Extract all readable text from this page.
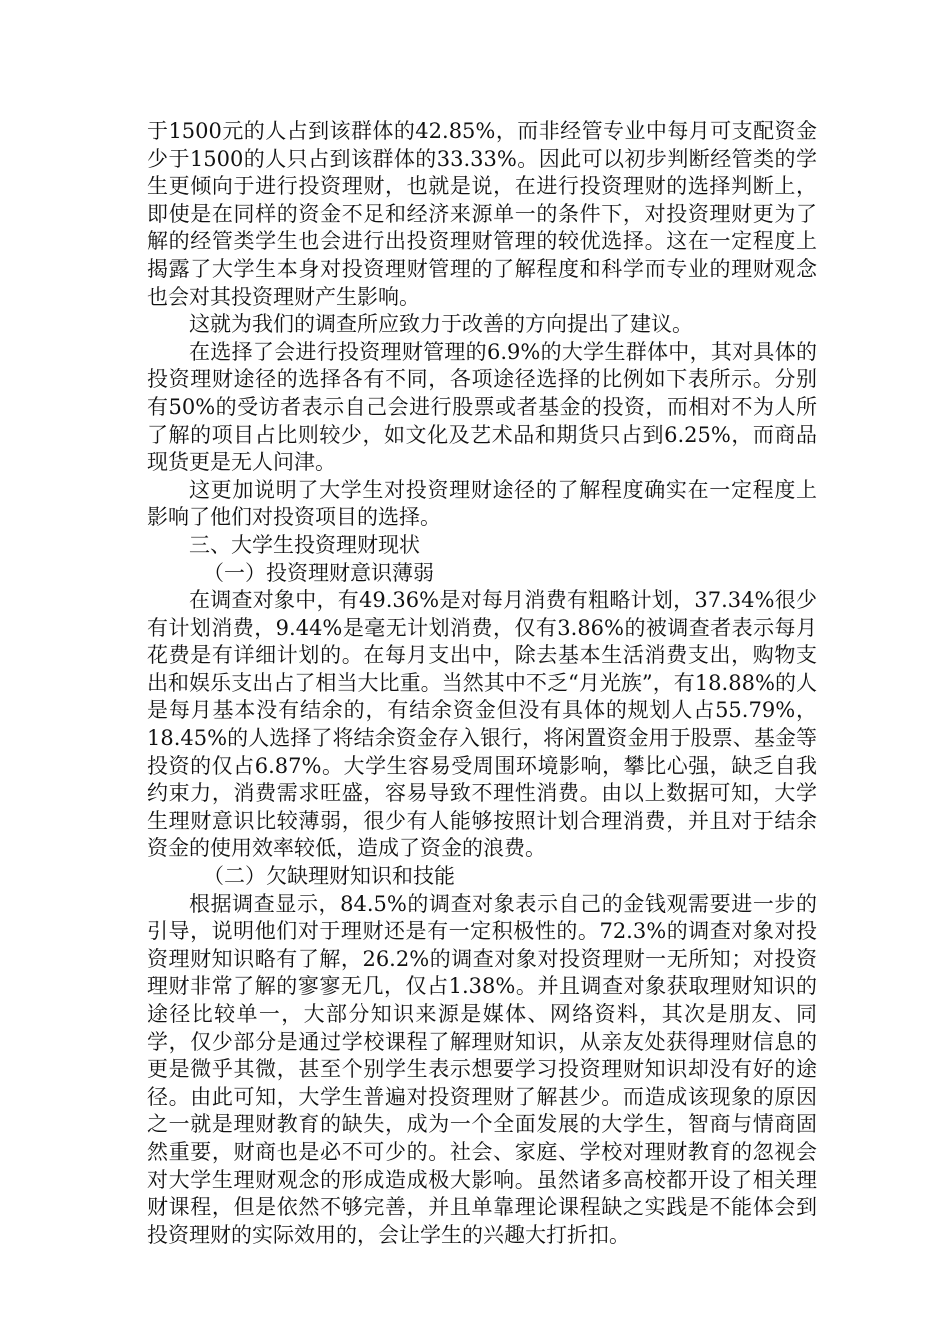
于1500元的人占到该群体的42.85%，而非经管专业中每月可支配资金少于1500的人只占到该群体的33.33%。因此可以初步判断经管类的学生更倾向于进行投资理财，也就是说，在进行投资理财的选择判断上，即使是在同样的资金不足和经济来源单一的条件下，对投资理财更为了解的经管类学生也会进行出投资理财管理的较优选择。这在一定程度上揭露了大学生本身对投资理财管理的了解程度和科学而专业的理财观念也会对其投资理财产生影响。

这就为我们的调查所应致力于改善的方向提出了建议。

在选择了会进行投资理财管理的6.9%的大学生群体中，其对具体的投资理财途径的选择各有不同，各项途径选择的比例如下表所示。分别有50%的受访者表示自己会进行股票或者基金的投资，而相对不为人所了解的项目占比则较少，如文化及艺术品和期货只占到6.25%，而商品现货更是无人问津。

这更加说明了大学生对投资理财途径的了解程度确实在一定程度上影响了他们对投资项目的选择。

三、大学生投资理财现状

（一）投资理财意识薄弱

在调查对象中，有49.36%是对每月消费有粗略计划，37.34%很少有计划消费，9.44%是毫无计划消费，仅有3.86%的被调查者表示每月花费是有详细计划的。在每月支出中，除去基本生活消费支出，购物支出和娱乐支出占了相当大比重。当然其中不乏“月光族”，有18.88%的人是每月基本没有结余的，有结余资金但没有具体的规划人占55.79%，18.45%的人选择了将结余资金存入银行，将闲置资金用于股票、基金等投资的仅占6.87%。大学生容易受周围环境影响，攀比心强，缺乏自我约束力，消费需求旺盛，容易导致不理性消费。由以上数据可知，大学生理财意识比较薄弱，很少有人能够按照计划合理消费，并且对于结余资金的使用效率较低，造成了资金的浪费。

（二）欠缺理财知识和技能

根据调查显示，84.5%的调查对象表示自己的金钱观需要进一步的引导，说明他们对于理财还是有一定积极性的。72.3%的调查对象对投资理财知识略有了解，26.2%的调查对象对投资理财一无所知；对投资理财非常了解的寥寥无几，仅占1.38%。并且调查对象获取理财知识的途径比较单一，大部分知识来源是媒体、网络资料，其次是朋友、同学，仅少部分是通过学校课程了解理财知识，从亲友处获得理财信息的更是微乎其微，甚至个别学生表示想要学习投资理财知识却没有好的途径。由此可知，大学生普遍对投资理财了解甚少。而造成该现象的原因之一就是理财教育的缺失，成为一个全面发展的大学生，智商与情商固然重要，财商也是必不可少的。社会、家庭、学校对理财教育的忽视会对大学生理财观念的形成造成极大影响。虽然诸多高校都开设了相关理财课程，但是依然不够完善，并且单靠理论课程缺之实践是不能体会到投资理财的实际效用的，会让学生的兴趣大打折扣。
